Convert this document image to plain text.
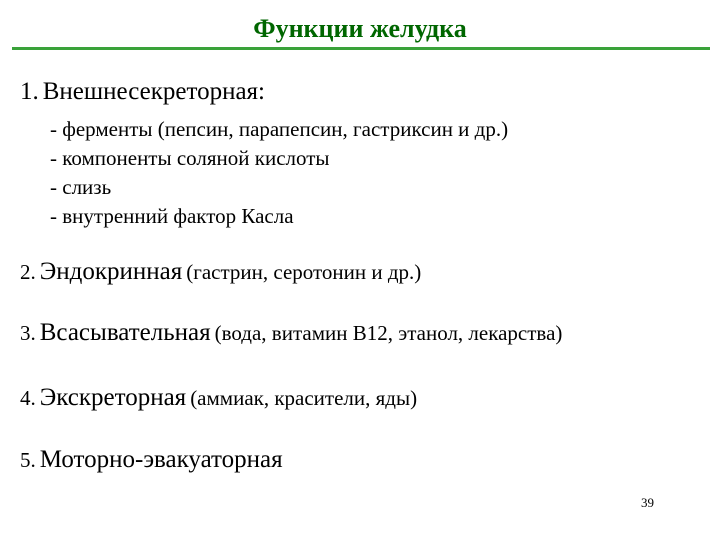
Функции желудка
1. Внешнесекреторная:
- ферменты (пепсин, парапепсин, гастриксин и др.)
- компоненты соляной кислоты
- слизь
- внутренний фактор Касла
2. Эндокринная (гастрин, серотонин и др.)
3. Всасывательная (вода, витамин В12, этанол, лекарства)
4. Экскреторная (аммиак, красители, яды)
5. Моторно-эвакуаторная
39
